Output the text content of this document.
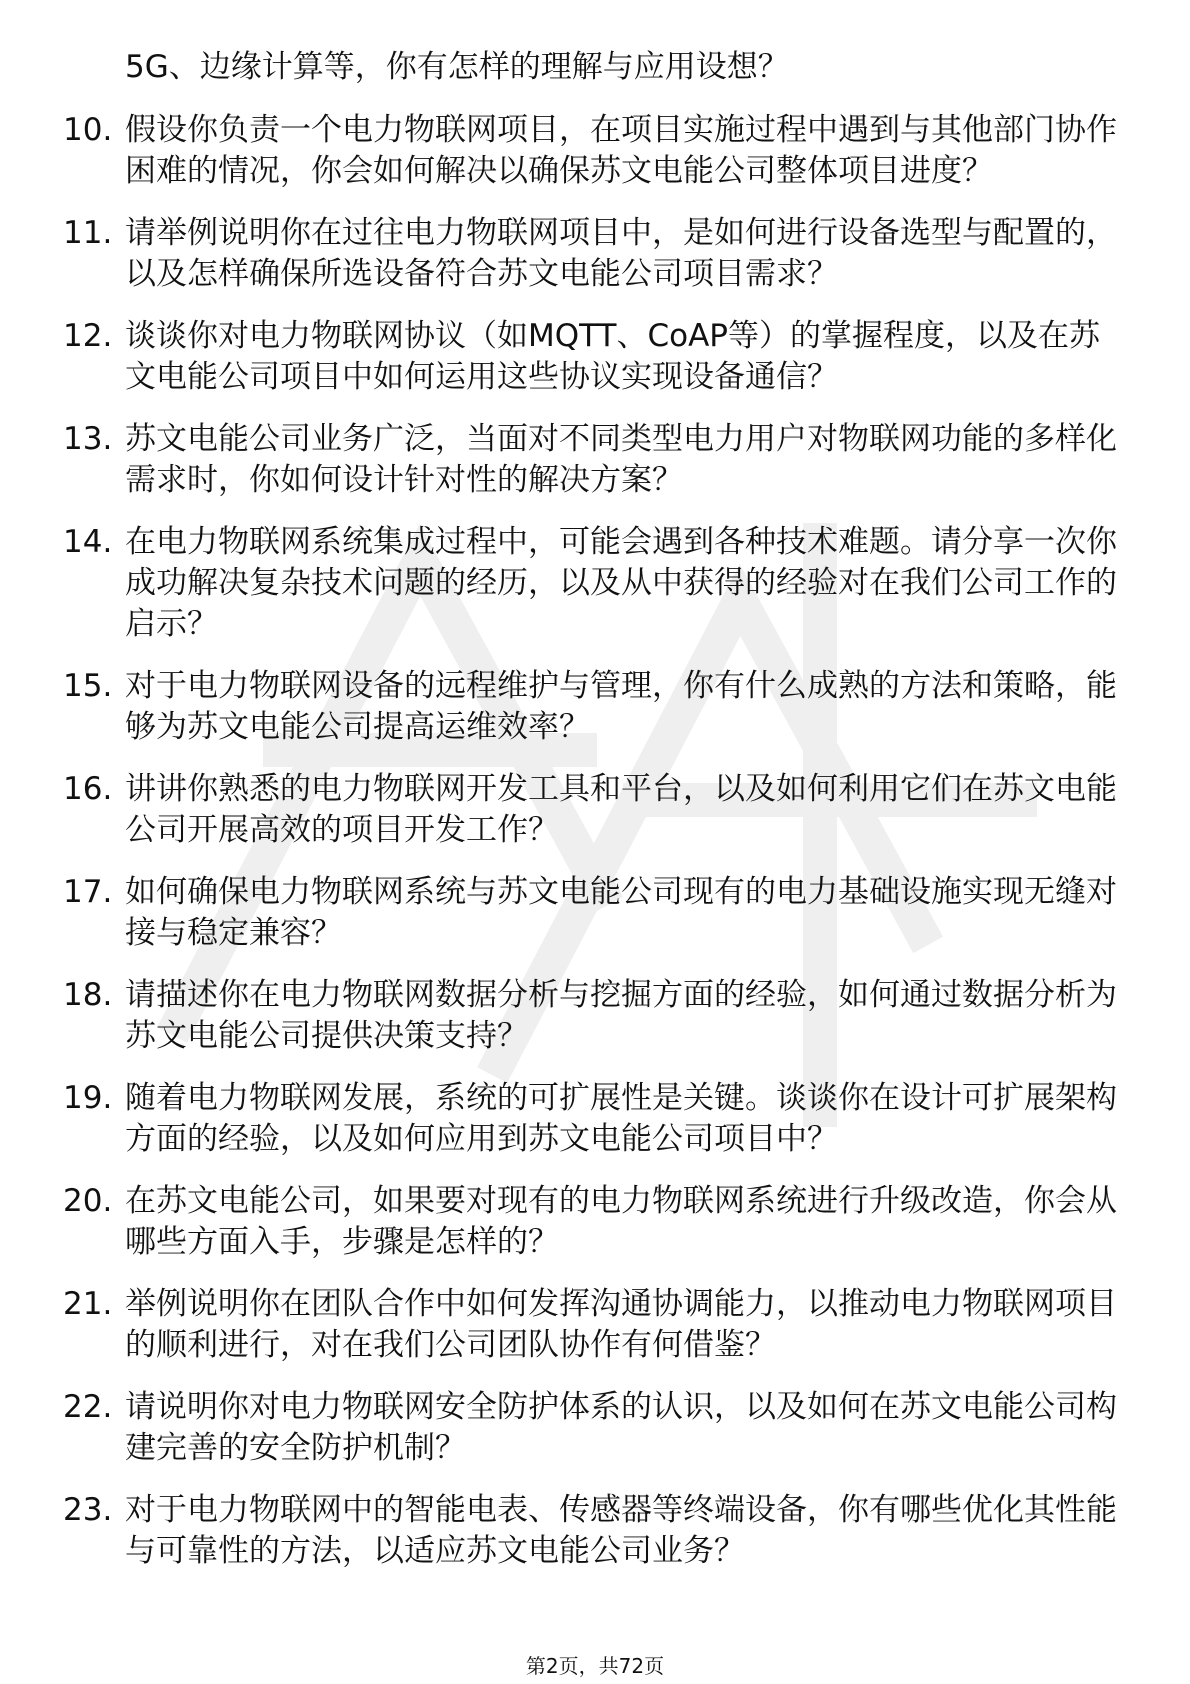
5G、边缘计算等，你有怎样的理解与应用设想？
10. 假设你负责一个电力物联网项目，在项目实施过程中遇到与其他部门协作困难的情况，你会如何解决以确保苏文电能公司整体项目进度？
11. 请举例说明你在过往电力物联网项目中，是如何进行设备选型与配置的，以及怎样确保所选设备符合苏文电能公司项目需求？
12. 谈谈你对电力物联网协议（如MQTT、CoAP等）的掌握程度，以及在苏文电能公司项目中如何运用这些协议实现设备通信？
13. 苏文电能公司业务广泛，当面对不同类型电力用户对物联网功能的多样化需求时，你如何设计针对性的解决方案？
14. 在电力物联网系统集成过程中，可能会遇到各种技术难题。请分享一次你成功解决复杂技术问题的经历，以及从中获得的经验对在我们公司工作的启示？
15. 对于电力物联网设备的远程维护与管理，你有什么成熟的方法和策略，能够为苏文电能公司提高运维效率？
16. 讲讲你熟悉的电力物联网开发工具和平台，以及如何利用它们在苏文电能公司开展高效的项目开发工作？
17. 如何确保电力物联网系统与苏文电能公司现有的电力基础设施实现无缝对接与稳定兼容？
18. 请描述你在电力物联网数据分析与挖掘方面的经验，如何通过数据分析为苏文电能公司提供决策支持？
19. 随着电力物联网发展，系统的可扩展性是关键。谈谈你在设计可扩展架构方面的经验，以及如何应用到苏文电能公司项目中？
20. 在苏文电能公司，如果要对现有的电力物联网系统进行升级改造，你会从哪些方面入手，步骤是怎样的？
21. 举例说明你在团队合作中如何发挥沟通协调能力，以推动电力物联网项目的顺利进行，对在我们公司团队协作有何借鉴？
22. 请说明你对电力物联网安全防护体系的认识，以及如何在苏文电能公司构建完善的安全防护机制？
23. 对于电力物联网中的智能电表、传感器等终端设备，你有哪些优化其性能与可靠性的方法，以适应苏文电能公司业务？
第2页，共72页
